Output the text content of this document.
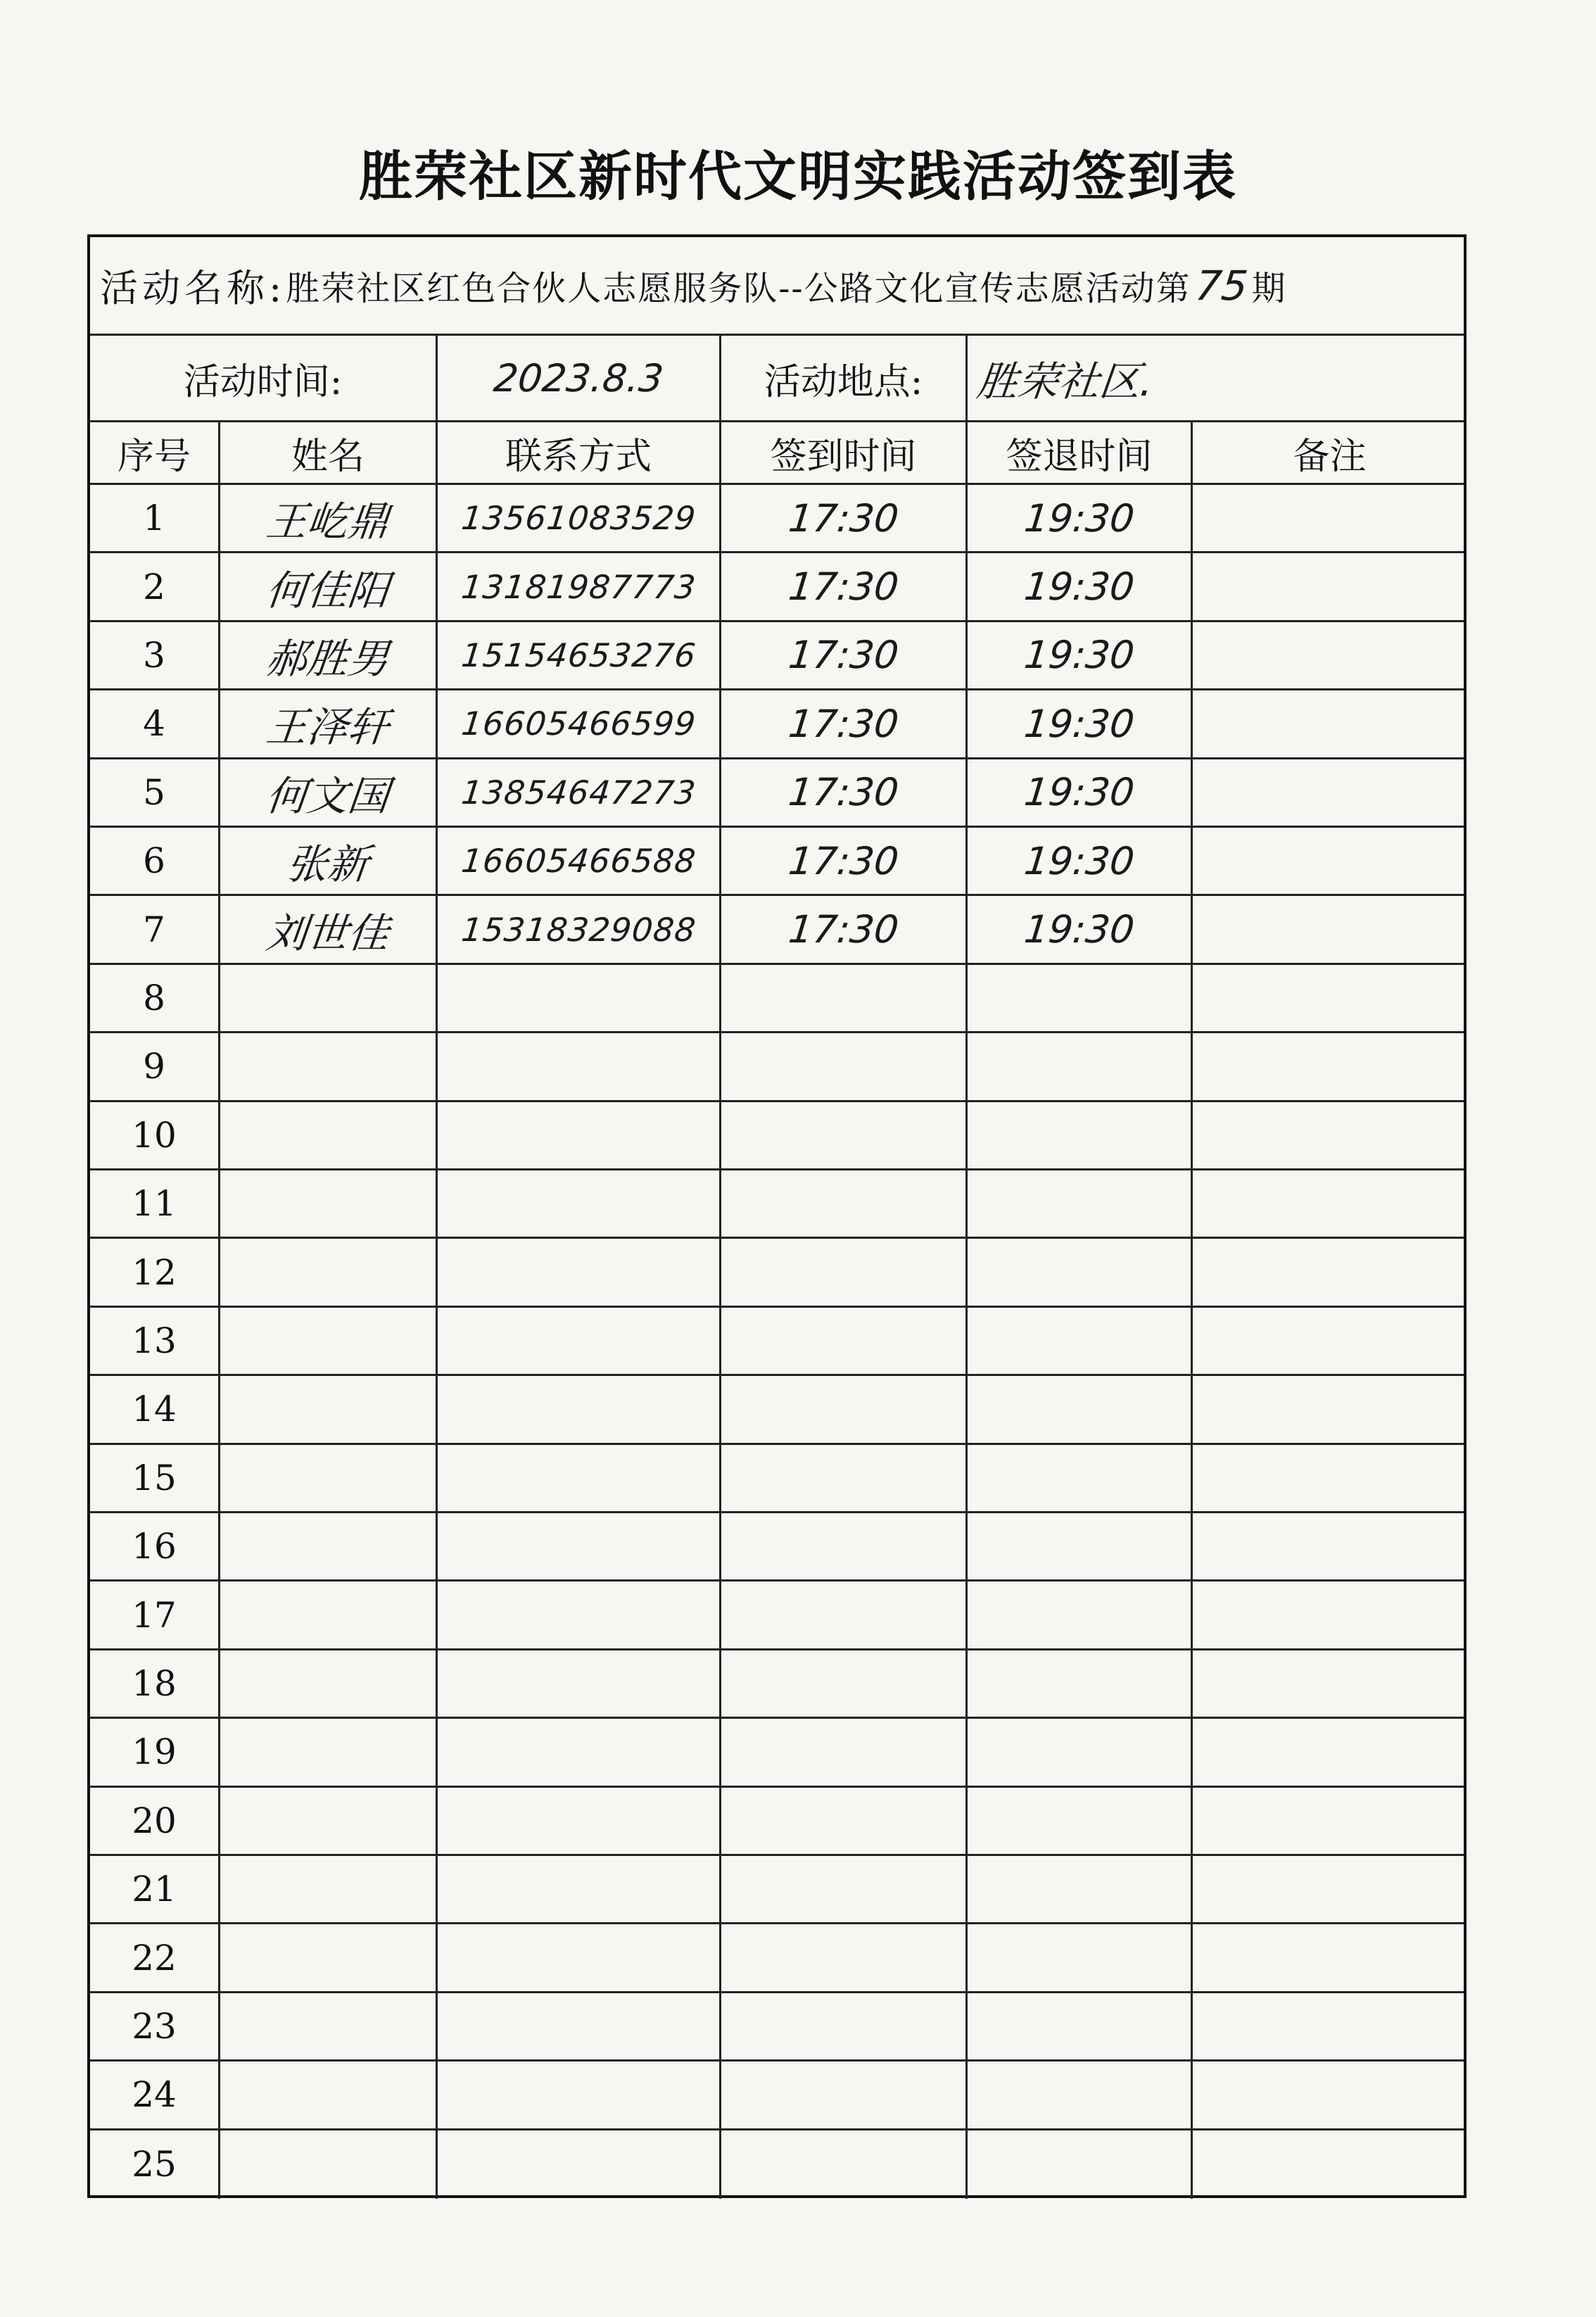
胜荣社区新时代文明实践活动签到表
活动名称: 胜荣社区红色合伙人志愿服务队--公路文化宣传志愿活动第 75 期
活动时间:	2023.8.3	活动地点: 胜荣社区.
序号	姓名	联系方式	签到时间	签退时间	备注
1 王屹鼎 13561083529 17:30	19:30
2 何佳阳 13181987773 17:30	19:30
3 郝胜男 15154653276 17:30	19:30
4 王泽轩 16605466599 17:30	19:30
5 何文国 13854647273 17:30	19:30
6	张新	16605466588 17:30	19:30
7 刘世佳 15318329088 17:30	19:30
8
9
10
11
12
13
14
15
16
17
18
19
20
21
22
23
24
25
